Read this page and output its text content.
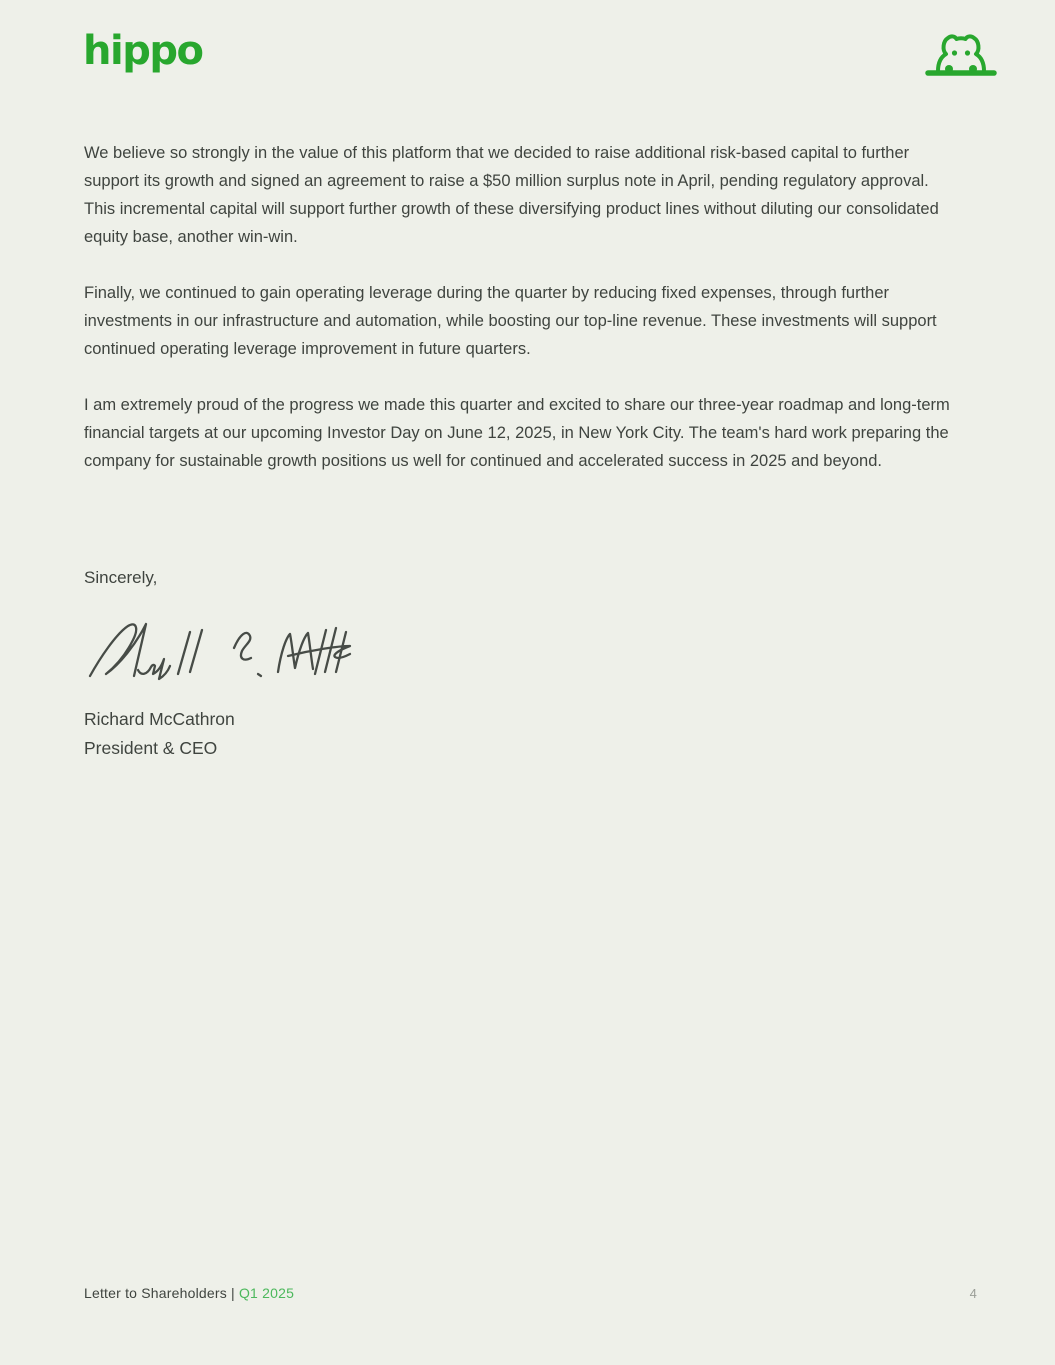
hippo

We believe so strongly in the value of this platform that we decided to raise additional risk-based capital to further support its growth and signed an agreement to raise a $50 million surplus note in April, pending regulatory approval. This incremental capital will support further growth of these diversifying product lines without diluting our consolidated equity base, another win-win.

Finally, we continued to gain operating leverage during the quarter by reducing fixed expenses, through further investments in our infrastructure and automation, while boosting our top-line revenue. These investments will support continued operating leverage improvement in future quarters.

I am extremely proud of the progress we made this quarter and excited to share our three-year roadmap and long-term financial targets at our upcoming Investor Day on June 12, 2025, in New York City. The team's hard work preparing the company for sustainable growth positions us well for continued and accelerated success in 2025 and beyond.

Sincerely,
Richard McCathron
President & CEO
Letter to Shareholders | Q1 2025	4
